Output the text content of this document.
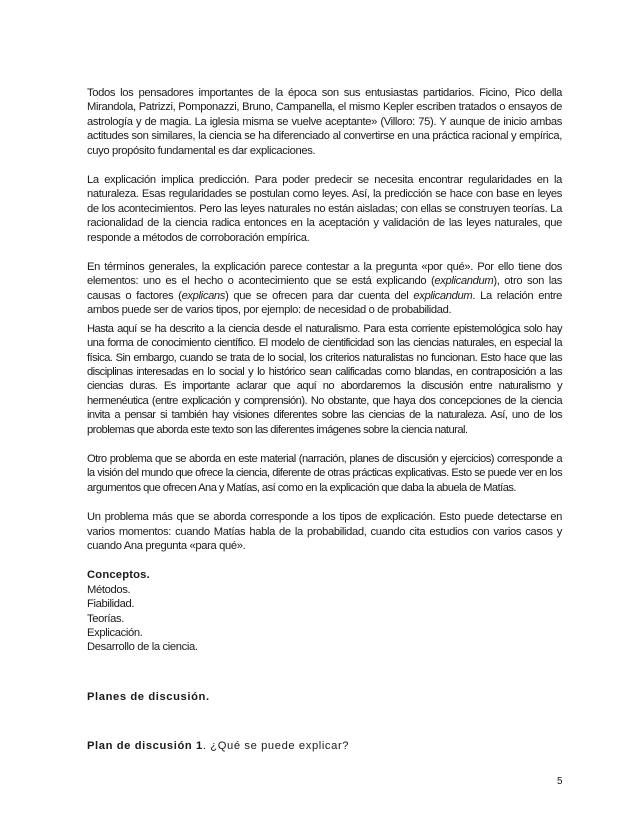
Todos los pensadores importantes de la época son sus entusiastas partidarios. Ficino, Pico della Mirandola, Patrizzi, Pomponazzi, Bruno, Campanella, el mismo Kepler escriben tratados o ensayos de astrología y de magia. La iglesia misma se vuelve aceptante» (Villoro: 75). Y aunque de inicio ambas actitudes son similares, la ciencia se ha diferenciado al convertirse en una práctica racional y empírica, cuyo propósito fundamental es dar explicaciones.

La explicación implica predicción. Para poder predecir se necesita encontrar regularidades en la naturaleza. Esas regularidades se postulan como leyes. Así, la predicción se hace con base en leyes de los acontecimientos. Pero las leyes naturales no están aisladas; con ellas se construyen teorías. La racionalidad de la ciencia radica entonces en la aceptación y validación de las leyes naturales, que responde a métodos de corroboración empírica.

En términos generales, la explicación parece contestar a la pregunta «por qué». Por ello tiene dos elementos: uno es el hecho o acontecimiento que se está explicando (explicandum), otro son las causas o factores (explicans) que se ofrecen para dar cuenta del explicandum. La relación entre ambos puede ser de varios tipos, por ejemplo: de necesidad o de probabilidad.

Hasta aquí se ha descrito a la ciencia desde el naturalismo. Para esta corriente epistemológica solo hay una forma de conocimiento científico. El modelo de cientificidad son las ciencias naturales, en especial la física. Sin embargo, cuando se trata de lo social, los criterios naturalistas no funcionan. Esto hace que las disciplinas interesadas en lo social y lo histórico sean calificadas como blandas, en contraposición a las ciencias duras. Es importante aclarar que aquí no abordaremos la discusión entre naturalismo y hermenéutica (entre explicación y comprensión). No obstante, que haya dos concepciones de la ciencia invita a pensar si también hay visiones diferentes sobre las ciencias de la naturaleza. Así, uno de los problemas que aborda este texto son las diferentes imágenes sobre la ciencia natural.

Otro problema que se aborda en este material (narración, planes de discusión y ejercicios) corresponde a la visión del mundo que ofrece la ciencia, diferente de otras prácticas explicativas. Esto se puede ver en los argumentos que ofrecen Ana y Matías, así como en la explicación que daba la abuela de Matías.

Un problema más que se aborda corresponde a los tipos de explicación. Esto puede detectarse en varios momentos: cuando Matías habla de la probabilidad, cuando cita estudios con varios casos y cuando Ana pregunta «para qué».

Conceptos.

Métodos.

Fiabilidad.

Teorías.

Explicación.

Desarrollo de la ciencia.

Planes de discusión.

Plan de discusión 1. ¿Qué se puede explicar?

5
